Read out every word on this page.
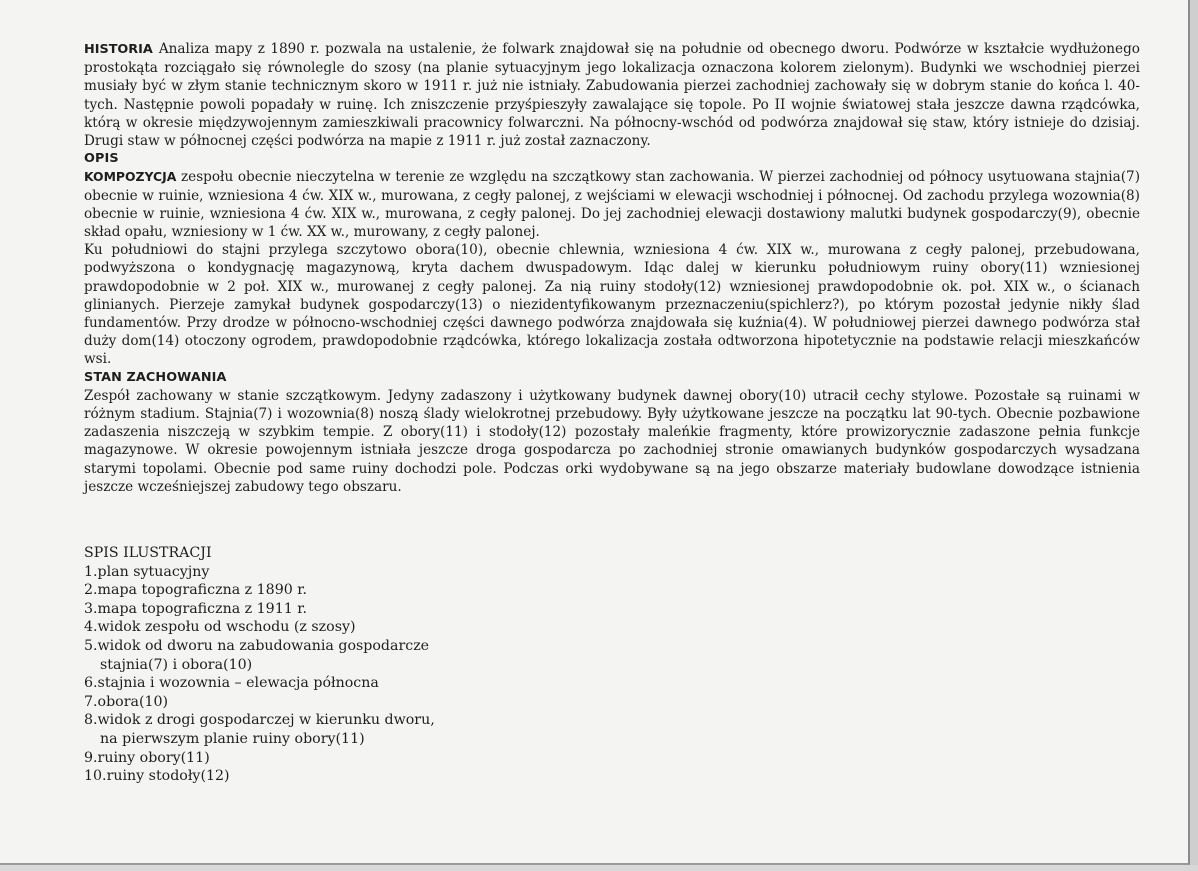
HISTORIA Analiza mapy z 1890 r. pozwala na ustalenie, że folwark znajdował się na południe od obecnego dworu. Podwórze w kształcie wydłużonego prostokąta rozciągało się równolegle do szosy (na planie sytuacyjnym jego lokalizacja oznaczona kolorem zielonym). Budynki we wschodniej pierzei musiały być w złym stanie technicznym skoro w 1911 r. już nie istniały. Zabudowania pierzei zachodniej zachowały się w dobrym stanie do końca l. 40-tych. Następnie powoli popadały w ruinę. Ich zniszczenie przyśpieszyły zawalające się topole. Po II wojnie światowej stała jeszcze dawna rządcówka, którą w okresie międzywojennym zamieszkiwali pracownicy folwarczni. Na północny-wschód od podwórza znajdował się staw, który istnieje do dzisiaj. Drugi staw w północnej części podwórza na mapie z 1911 r. już został zaznaczony.

OPIS

KOMPOZYCJA zespołu obecnie nieczytelna w terenie ze względu na szczątkowy stan zachowania. W pierzei zachodniej od północy usytuowana stajnia(7) obecnie w ruinie, wzniesiona 4 ćw. XIX w., murowana, z cegły palonej, z wejściami w elewacji wschodniej i północnej. Od zachodu przylega wozownia(8) obecnie w ruinie, wzniesiona 4 ćw. XIX w., murowana, z cegły palonej. Do jej zachodniej elewacji dostawiony malutki budynek gospodarczy(9), obecnie skład opału, wzniesiony w 1 ćw. XX w., murowany, z cegły palonej.

Ku południowi do stajni przylega szczytowo obora(10), obecnie chlewnia, wzniesiona 4 ćw. XIX w., murowana z cegły palonej, przebudowana, podwyższona o kondygnację magazynową, kryta dachem dwuspadowym. Idąc dalej w kierunku południowym ruiny obory(11) wzniesionej prawdopodobnie w 2 poł. XIX w., murowanej z cegły palonej. Za nią ruiny stodoły(12) wzniesionej prawdopodobnie ok. poł. XIX w., o ścianach glinianych. Pierzeje zamykał budynek gospodarczy(13) o niezidentyfikowanym przeznaczeniu(spichlerz?), po którym pozostał jedynie nikły ślad fundamentów. Przy drodze w północno-wschodniej części dawnego podwórza znajdowała się kuźnia(4). W południowej pierzei dawnego podwórza stał duży dom(14) otoczony ogrodem, prawdopodobnie rządcówka, którego lokalizacja została odtworzona hipotetycznie na podstawie relacji mieszkańców wsi.

STAN ZACHOWANIA

Zespół zachowany w stanie szczątkowym. Jedyny zadaszony i użytkowany budynek dawnej obory(10) utracił cechy stylowe. Pozostałe są ruinami w różnym stadium. Stajnia(7) i wozownia(8) noszą ślady wielokrotnej przebudowy. Były użytkowane jeszcze na początku lat 90-tych. Obecnie pozbawione zadaszenia niszczeją w szybkim tempie. Z obory(11) i stodoły(12) pozostały maleńkie fragmenty, które prowizorycznie zadaszone pełnia funkcje magazynowe. W okresie powojennym istniała jeszcze droga gospodarcza po zachodniej stronie omawianych budynków gospodarczych wysadzana starymi topolami. Obecnie pod same ruiny dochodzi pole. Podczas orki wydobywane są na jego obszarze materiały budowlane dowodzące istnienia jeszcze wcześniejszej zabudowy tego obszaru.

SPIS ILUSTRACJI

1.plan sytuacyjny

2.mapa topograficzna z 1890 r.

3.mapa topograficzna z 1911 r.

4.widok zespołu od wschodu (z szosy)

5.widok od dworu na zabudowania gospodarcze
stajnia(7) i obora(10)

6.stajnia i wozownia – elewacja północna

7.obora(10)

8.widok z drogi gospodarczej w kierunku dworu,
na pierwszym planie ruiny obory(11)

9.ruiny obory(11)

10.ruiny stodoły(12)
